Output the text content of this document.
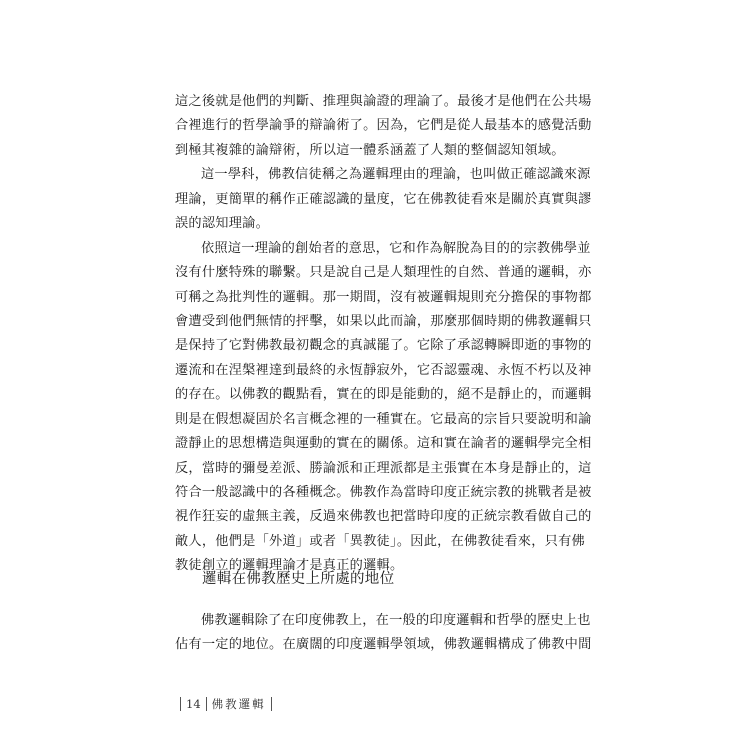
這之後就是他們的判斷、推理與論證的理論了。最後才是他們在公共場
合裡進行的哲學論爭的辯論術了。因為，它們是從人最基本的感覺活動
到極其複雜的論辯術，所以這一體系涵蓋了人類的整個認知領域。
這一學科，佛教信徒稱之為邏輯理由的理論，也叫做正確認識來源
理論，更簡單的稱作正確認識的量度，它在佛教徒看來是關於真實與謬
誤的認知理論。
依照這一理論的創始者的意思，它和作為解脫為目的的宗教佛學並
沒有什麼特殊的聯繫。只是說自己是人類理性的自然、普通的邏輯，亦
可稱之為批判性的邏輯。那一期間，沒有被邏輯規則充分擔保的事物都
會遭受到他們無情的抨擊，如果以此而論，那麼那個時期的佛教邏輯只
是保持了它對佛教最初觀念的真誠罷了。它除了承認轉瞬即逝的事物的
遷流和在涅槃裡達到最終的永恆靜寂外，它否認靈魂、永恆不朽以及神
的存在。以佛教的觀點看，實在的即是能動的，絕不是靜止的，而邏輯
則是在假想凝固於名言概念裡的一種實在。它最高的宗旨只要說明和論
證靜止的思想構造與運動的實在的關係。這和實在論者的邏輯學完全相
反，當時的彌曼差派、勝論派和正理派都是主張實在本身是靜止的，這
符合一般認識中的各種概念。佛教作為當時印度正統宗教的挑戰者是被
視作狂妄的虛無主義，反過來佛教也把當時印度的正統宗教看做自己的
敵人，他們是「外道」或者「異教徒」。因此，在佛教徒看來，只有佛
教徒創立的邏輯理論才是真正的邏輯。
邏輯在佛教歷史上所處的地位
佛教邏輯除了在印度佛教上，在一般的印度邏輯和哲學的歷史上也
佔有一定的地位。在廣闊的印度邏輯學領域，佛教邏輯構成了佛教中間
14 佛教邏輯
